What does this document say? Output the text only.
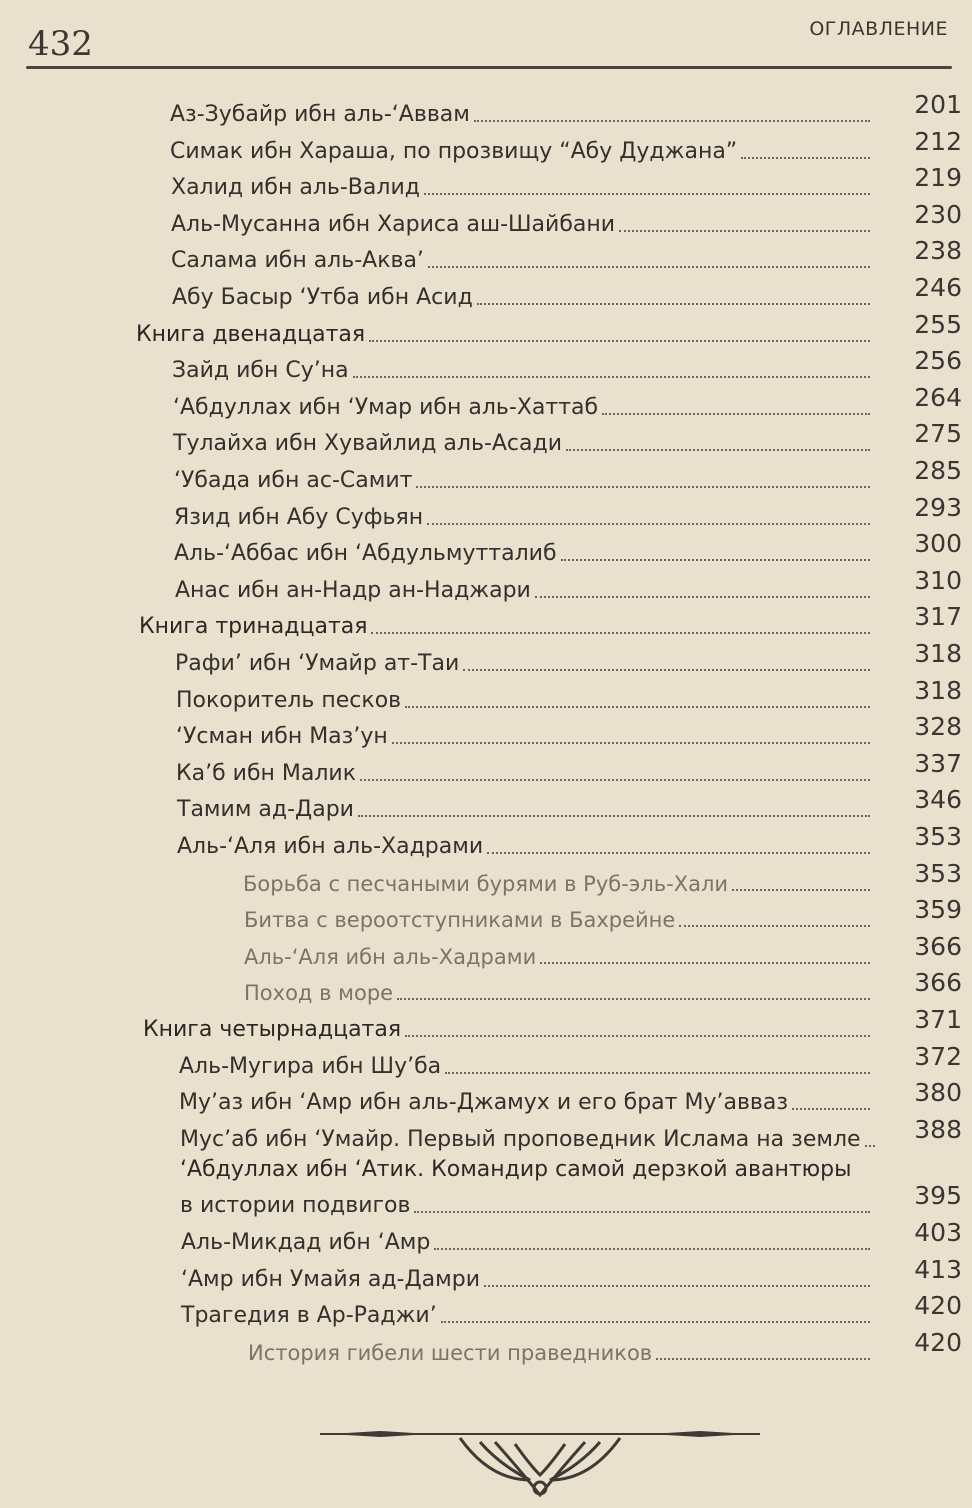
432	ОГЛАВЛЕНИЕ
Аз-Зубайр ибн аль-‘Аввам	201
Симак ибн Хараша, по прозвищу “Абу Дуджана”	212
Халид ибн аль-Валид	219
Аль-Мусанна ибн Хариса аш-Шайбани	230
Салама ибн аль-Аква’	238
Абу Басыр ‘Утба ибн Асид	246
Книга двенадцатая	255
Зайд ибн Су’на	256
‘Абдуллах ибн ‘Умар ибн аль-Хаттаб	264
Тулайха ибн Хувайлид аль-Асади	275
‘Убада ибн ас-Самит	285
Язид ибн Абу Суфьян	293
Аль-‘Аббас ибн ‘Абдульмутталиб	300
Анас ибн ан-Надр ан-Наджари	310
Книга тринадцатая	317
Рафи’ ибн ‘Умайр ат-Таи	318
Покоритель песков	318
‘Усман ибн Маз’ун	328
Ка’б ибн Малик	337
Тамим ад-Дари	346
Аль-‘Аля ибн аль-Хадрами	353
Борьба с песчаными бурями в Руб-эль-Хали	353
Битва с вероотступниками в Бахрейне	359
Аль-‘Аля ибн аль-Хадрами	366
Поход в море	366
Книга четырнадцатая	371
Аль-Мугира ибн Шу’ба	372
Му’аз ибн ‘Амр ибн аль-Джамух и его брат Му’авваз	380
Мус’аб ибн ‘Умайр. Первый проповедник Ислама на земле	388
‘Абдуллах ибн ‘Атик. Командир самой дерзкой авантюры
в истории подвигов	395
Аль-Микдад ибн ‘Амр	403
‘Амр ибн Умайя ад-Дамри	413
Трагедия в Ар-Раджи’	420
История гибели шести праведников	420
